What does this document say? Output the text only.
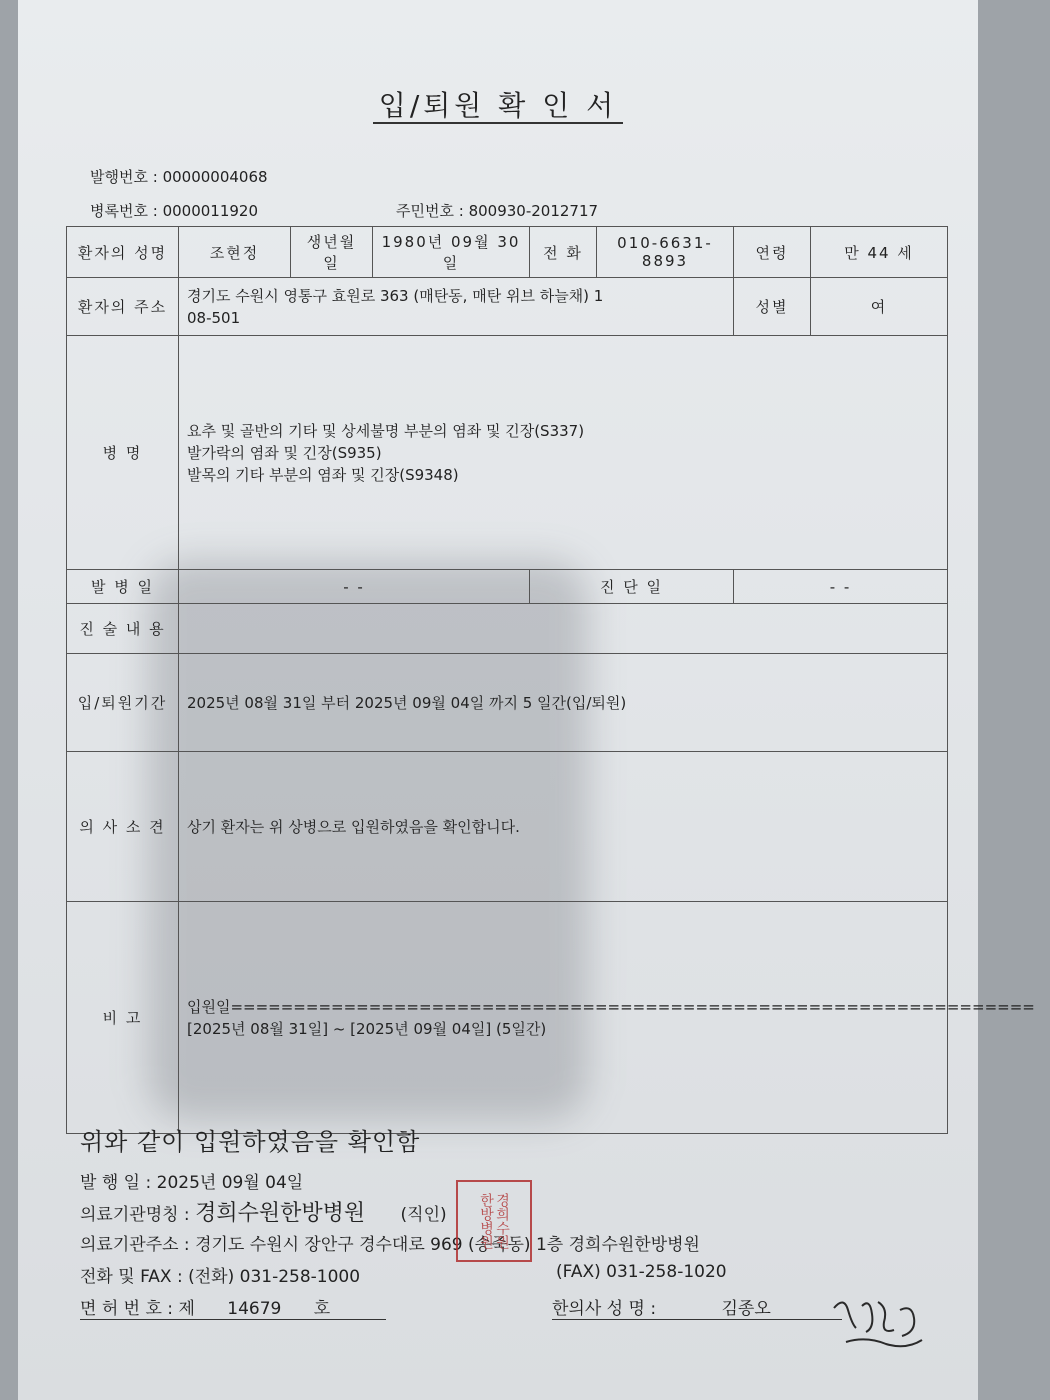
입/퇴원 확 인 서
발행번호 : 00000004068
병록번호 : 0000011920	주민번호 : 800930-2012717
환자의 성명	조현정	생년월일	1980년 09월 30일	전 화	010-6631-8893	연령	만 44 세
환자의 주소	경기도 수원시 영통구 효원로 363 (매탄동, 매탄 위브 하늘채) 1
08-501					성별	여
병 명	요추 및 골반의 기타 및 상세불명 부분의 염좌 및 긴장(S337)
발가락의 염좌 및 긴장(S935)
발목의 기타 부분의 염좌 및 긴장(S9348)						

발 병 일	- -			진 단 일		- -	
진 술 내 용							
입/퇴원기간	2025년 08월 31일 부터 2025년 09월 04일 까지 5 일간(입/퇴원)						
의 사 소 견	상기 환자는 위 상병으로 입원하였음을 확인합니다.						
비 고	입원일================================================================
[2025년 08월 31일] ~ [2025년 09월 04일] (5일간)						
위와 같이 입원하였음을 확인함
발 행 일 : 2025년 09월 04일
의료기관명칭 : 경희수원한방병원 (직인)
의료기관주소 : 경기도 수원시 장안구 경수대로 969 (송죽동) 1층 경희수원한방병원
전화 및 FAX : (전화) 031-258-1000	(FAX) 031-258-1020
면 허 번 호 : 제      14679      호	한의사 성 명 :	김종오
경희수원
한방병원
